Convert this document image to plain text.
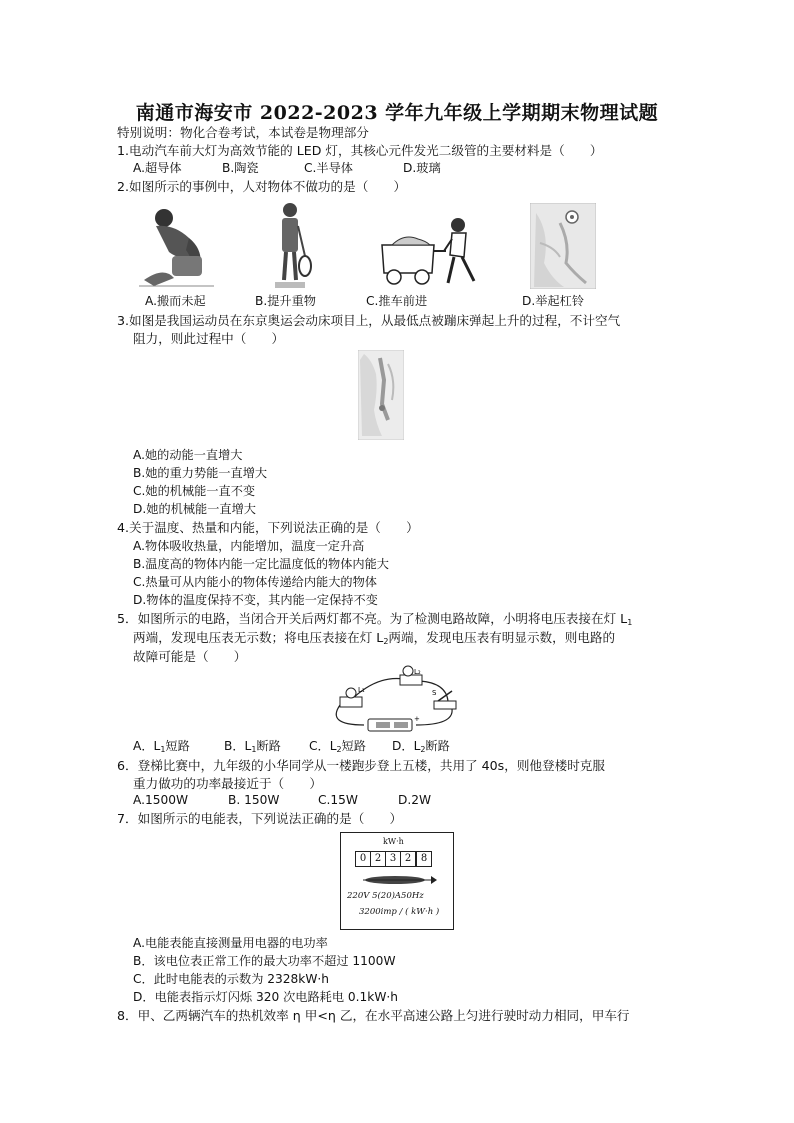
南通市海安市 2022-2023 学年九年级上学期期末物理试题
特别说明：物化合卷考试，本试卷是物理部分
1.电动汽车前大灯为高效节能的 LED 灯，其核心元件发光二级管的主要材料是（　　）
A.超导体	B.陶瓷	C.半导体	D.玻璃
2.如图所示的事例中，人对物体不做功的是（　　）
A.搬而未起	B.提升重物	C.推车前进	D.举起杠铃
3.如图是我国运动员在东京奥运会动床项目上，从最低点被蹦床弹起上升的过程，不计空气
阻力，则此过程中（　　）
A.她的动能一直增大
B.她的重力势能一直增大
C.她的机械能一直不变
D.她的机械能一直增大
4.关于温度、热量和内能，下列说法正确的是（　　）
A.物体吸收热量，内能增加，温度一定升高
B.温度高的物体内能一定比温度低的物体内能大
C.热量可从内能小的物体传递给内能大的物体
D.物体的温度保持不变，其内能一定保持不变
5．如图所示的电路，当闭合开关后两灯都不亮。为了检测电路故障，小明将电压表接在灯 $L_1$
两端，发现电压表无示数；将电压表接在灯 $L_2$两端，发现电压表有明显示数，则电路的
故障可能是（　　）
L₁
L₂
S
+
A．$L_1$短路	B．$L_1$断路 C．$L_2$短路 D．$L_2$断路
6．登梯比赛中，九年级的小华同学从一楼跑步登上五楼，共用了 40s，则他登楼时克服
重力做功的功率最接近于（　　）
A.1500W	B. 150W	C.15W	D.2W
7．如图所示的电能表，下列说法正确的是（　　）
kW·h
0 2 3 2 8
220V 5(20)A50Hz
3200imp / ( kW·h )
A.电能表能直接测量用电器的电功率
B．该电位表正常工作的最大功率不超过 1100W
C．此时电能表的示数为 2328kW·h
D．电能表指示灯闪烁 320 次电路耗电 0.1kW·h
8．甲、乙两辆汽车的热机效率 η 甲<η 乙，在水平高速公路上匀进行驶时动力相同，甲车行
